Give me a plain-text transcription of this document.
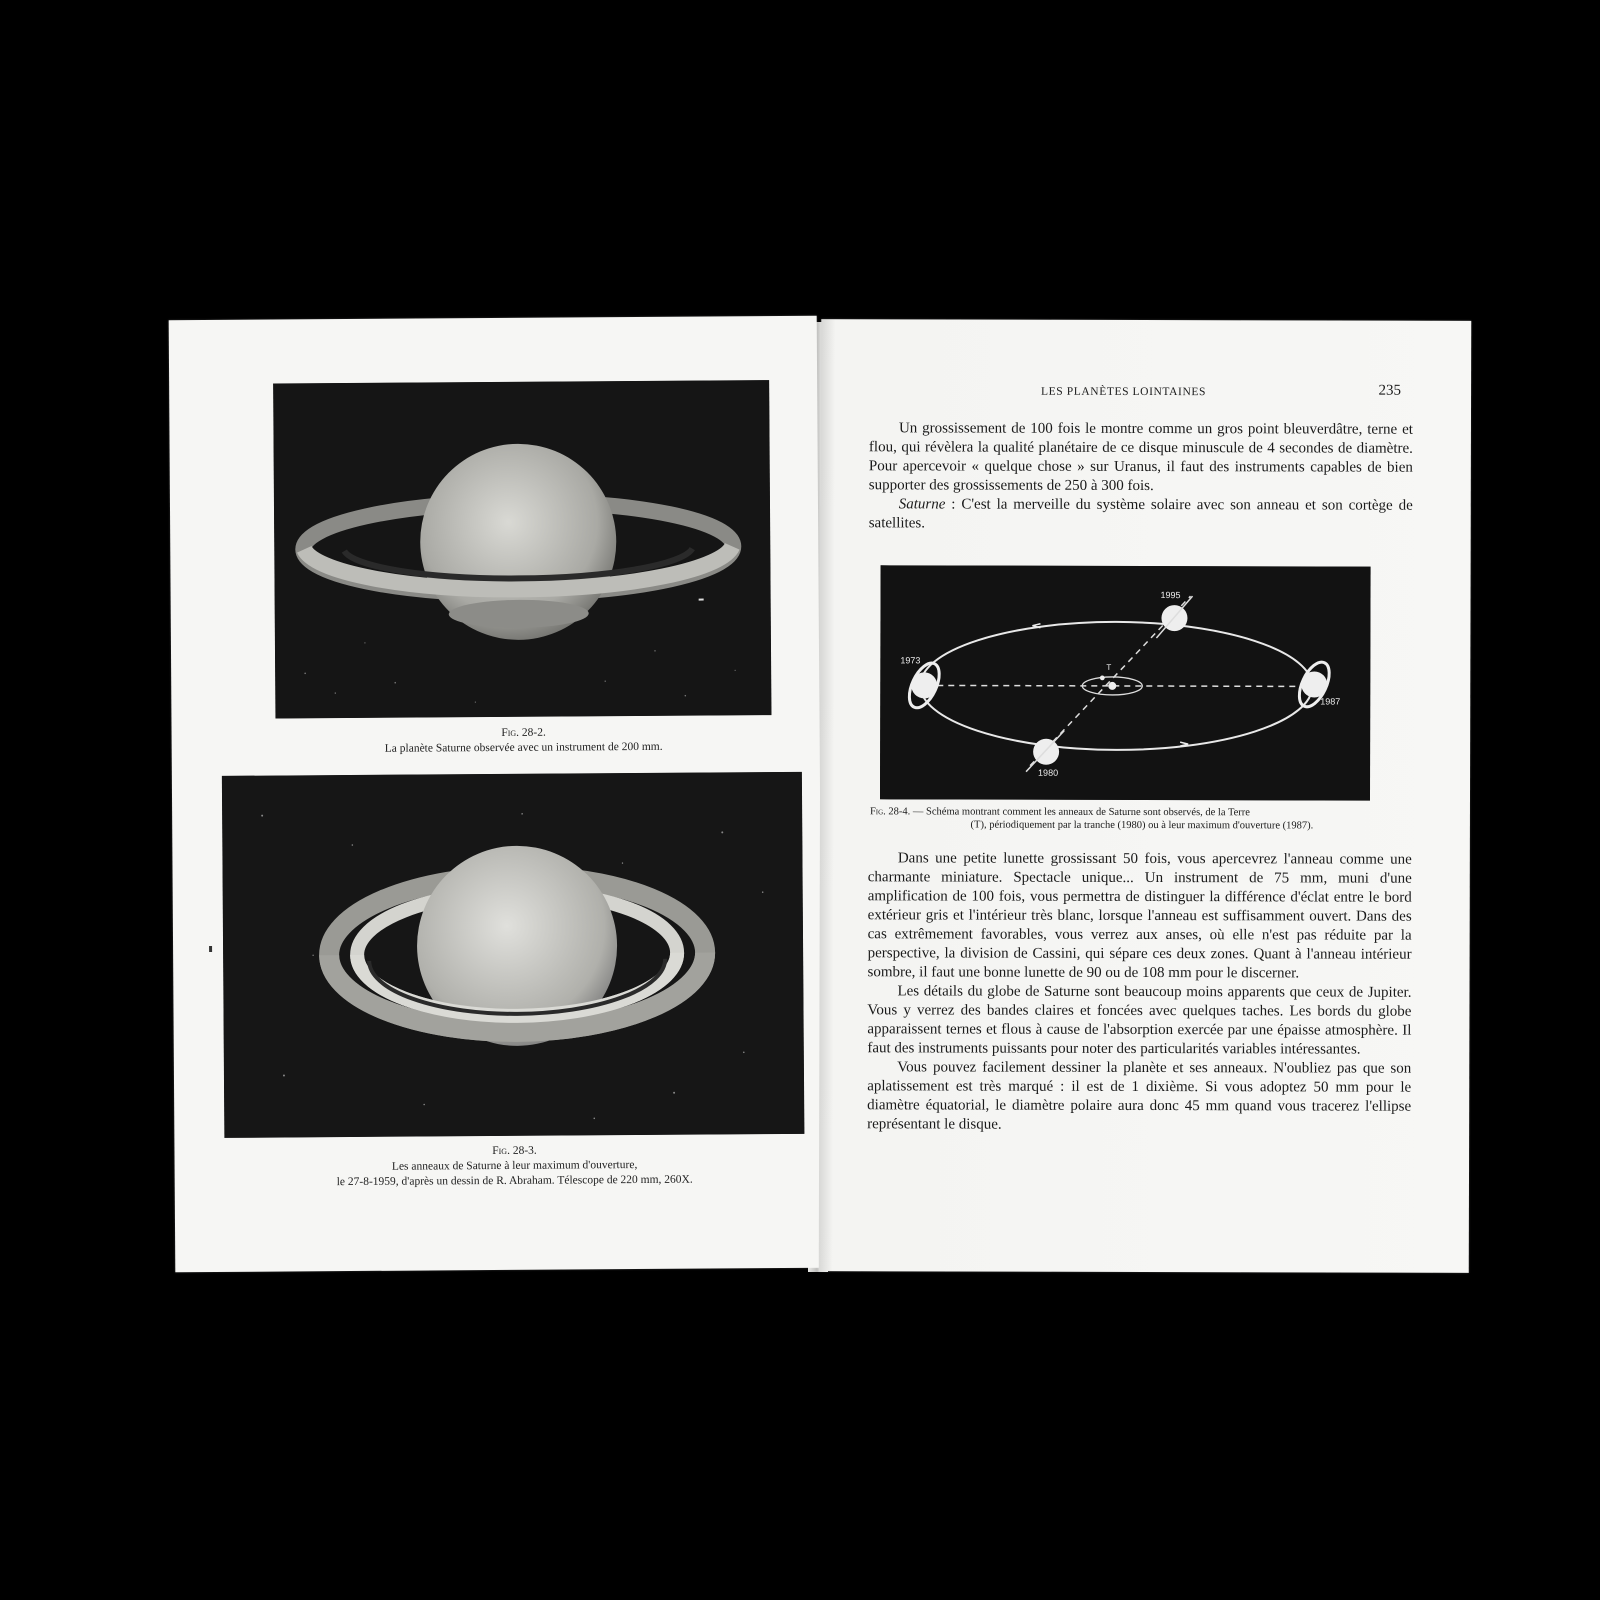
Fig. 28-2.
La planète Saturne observée avec un instrument de 200 mm.
Fig. 28-3.
Les anneaux de Saturne à leur maximum d'ouverture,
le 27-8-1959, d'après un dessin de R. Abraham. Télescope de 220 mm, 260X.
LES PLANÈTES LOINTAINES	235

Un grossissement de 100 fois le montre comme un gros point bleuverdâtre, terne et flou, qui révèlera la qualité planétaire de ce disque minuscule de 4 secondes de diamètre. Pour apercevoir « quelque chose » sur Uranus, il faut des instruments capables de bien supporter des grossissements de 250 à 300 fois.

Saturne : C'est la merveille du système solaire avec son anneau et son cortège de satellites.

T
1995
1973
1987
1980
Fig. 28-4. — Schéma montrant comment les anneaux de Saturne sont observés, de la Terre
(T), périodiquement par la tranche (1980) ou à leur maximum d'ouverture (1987).

Dans une petite lunette grossissant 50 fois, vous apercevrez l'anneau comme une charmante miniature. Spectacle unique... Un instrument de 75 mm, muni d'une amplification de 100 fois, vous permettra de distinguer la différence d'éclat entre le bord extérieur gris et l'intérieur très blanc, lorsque l'anneau est suffisamment ouvert. Dans des cas extrêmement favorables, vous verrez aux anses, où elle n'est pas réduite par la perspective, la division de Cassini, qui sépare ces deux zones. Quant à l'anneau intérieur sombre, il faut une bonne lunette de 90 ou de 108 mm pour le discerner.

Les détails du globe de Saturne sont beaucoup moins apparents que ceux de Jupiter. Vous y verrez des bandes claires et foncées avec quelques taches. Les bords du globe apparaissent ternes et flous à cause de l'absorption exercée par une épaisse atmosphère. Il faut des instruments puissants pour noter des particularités variables intéressantes.

Vous pouvez facilement dessiner la planète et ses anneaux. N'oubliez pas que son aplatissement est très marqué : il est de 1 dixième. Si vous adoptez 50 mm pour le diamètre équatorial, le diamètre polaire aura donc 45 mm quand vous tracerez l'ellipse représentant le disque.
